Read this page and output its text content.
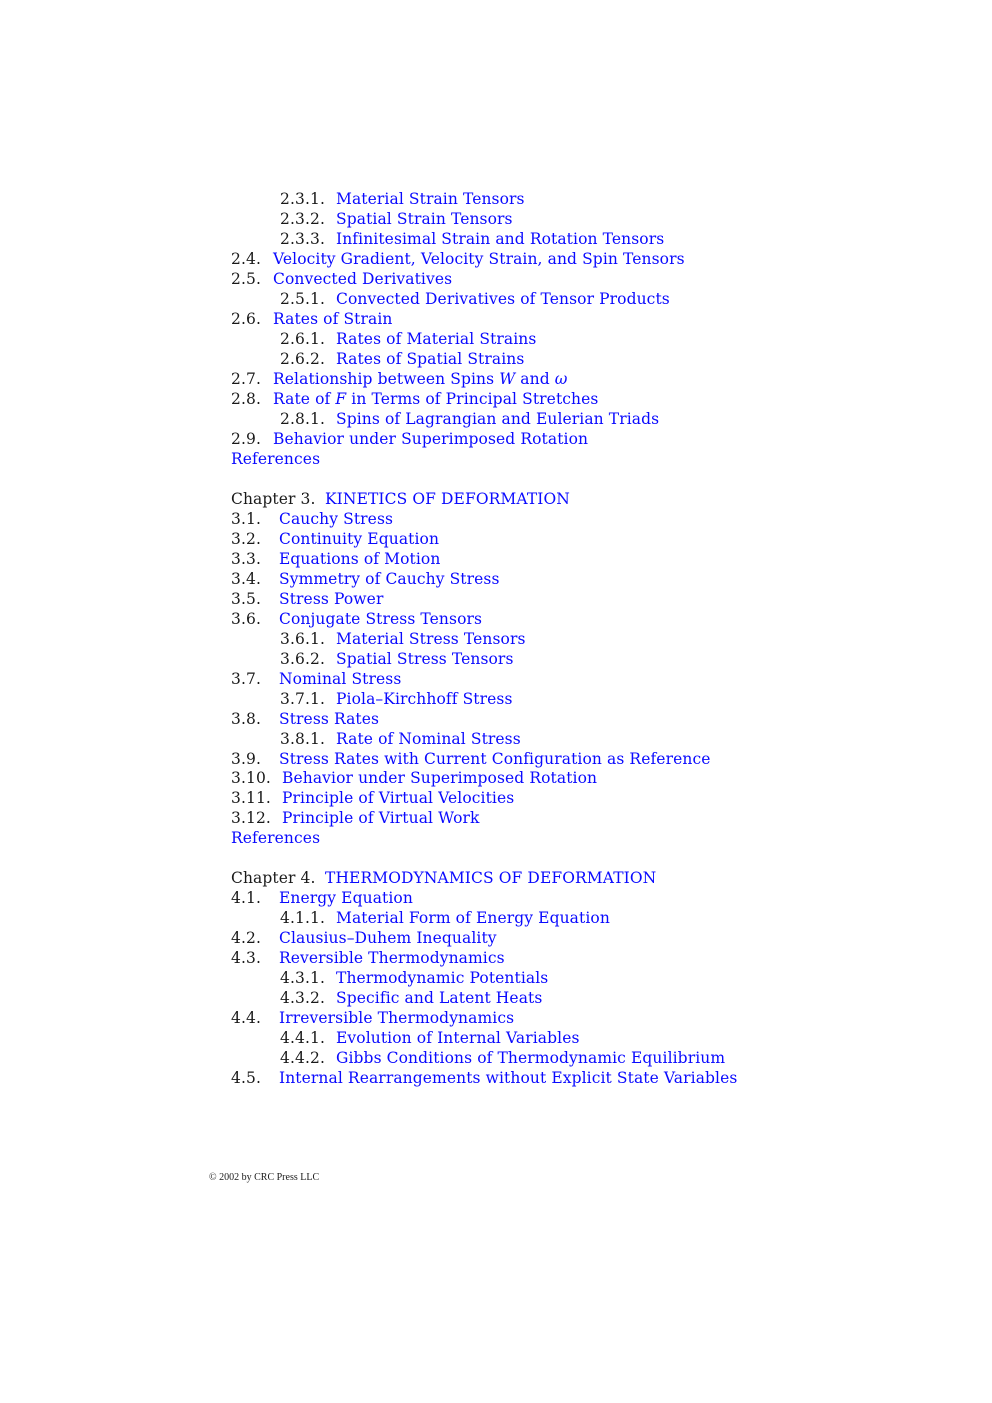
2.3.1. Material Strain Tensors
2.3.2. Spatial Strain Tensors
2.3.3. Infinitesimal Strain and Rotation Tensors
2.4. Velocity Gradient, Velocity Strain, and Spin Tensors
2.5. Convected Derivatives
2.5.1. Convected Derivatives of Tensor Products
2.6. Rates of Strain
2.6.1. Rates of Material Strains
2.6.2. Rates of Spatial Strains
2.7. Relationship between Spins W and ω
2.8. Rate of F in Terms of Principal Stretches
2.8.1. Spins of Lagrangian and Eulerian Triads
2.9. Behavior under Superimposed Rotation
References
Chapter 3. KINETICS OF DEFORMATION
3.1. Cauchy Stress
3.2. Continuity Equation
3.3. Equations of Motion
3.4. Symmetry of Cauchy Stress
3.5. Stress Power
3.6. Conjugate Stress Tensors
3.6.1. Material Stress Tensors
3.6.2. Spatial Stress Tensors
3.7. Nominal Stress
3.7.1. Piola–Kirchhoff Stress
3.8. Stress Rates
3.8.1. Rate of Nominal Stress
3.9. Stress Rates with Current Configuration as Reference
3.10. Behavior under Superimposed Rotation
3.11. Principle of Virtual Velocities
3.12. Principle of Virtual Work
References
Chapter 4. THERMODYNAMICS OF DEFORMATION
4.1. Energy Equation
4.1.1. Material Form of Energy Equation
4.2. Clausius–Duhem Inequality
4.3. Reversible Thermodynamics
4.3.1. Thermodynamic Potentials
4.3.2. Specific and Latent Heats
4.4. Irreversible Thermodynamics
4.4.1. Evolution of Internal Variables
4.4.2. Gibbs Conditions of Thermodynamic Equilibrium
4.5. Internal Rearrangements without Explicit State Variables
© 2002 by CRC Press LLC
